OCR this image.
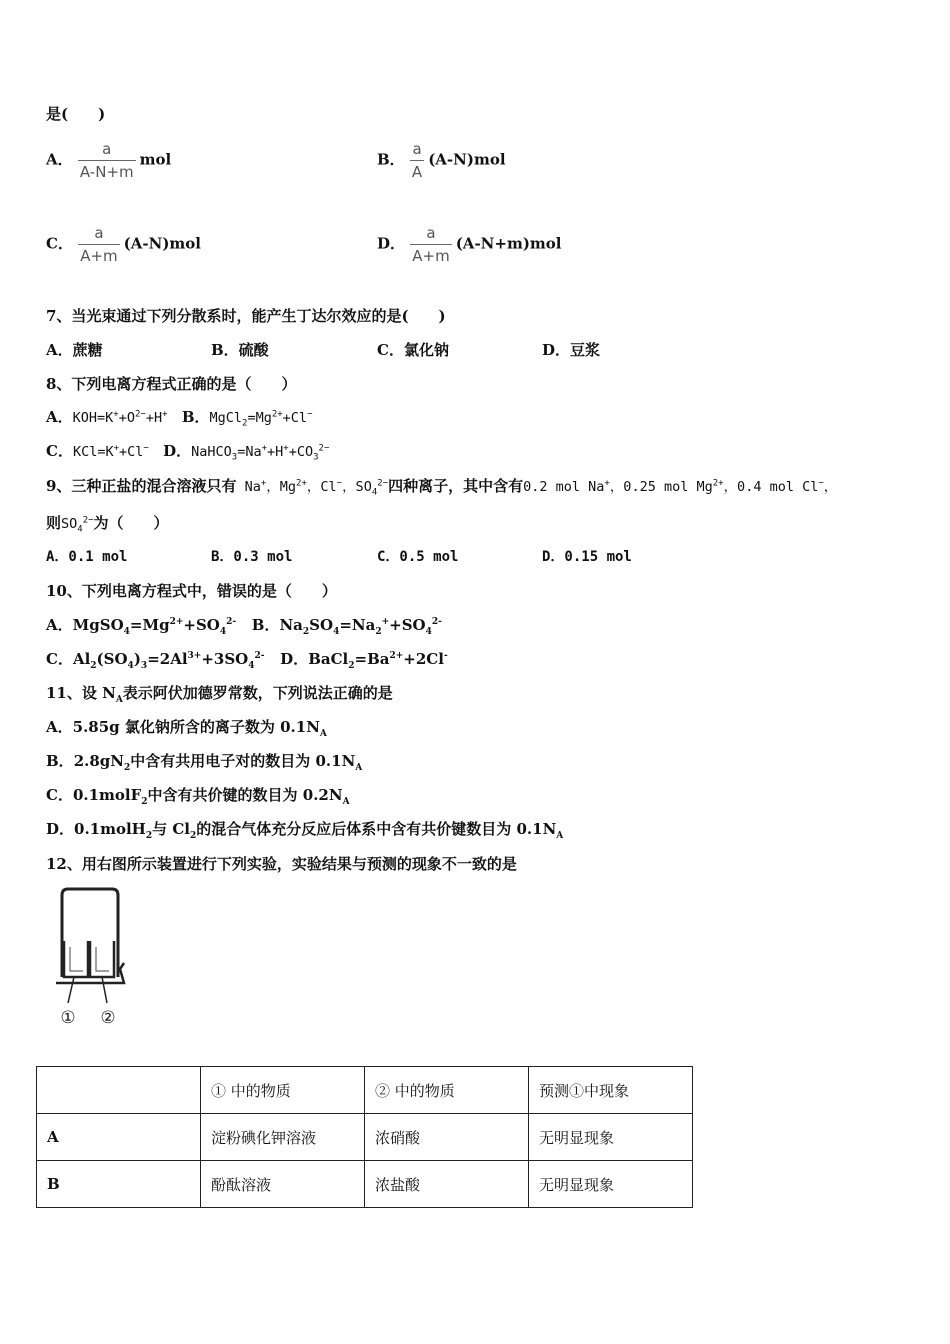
是(　　)
A． $\frac{a}{A-N+m}$ mol	B． $\frac{a}{A} (A-N)mol$
C． $\frac{a}{A+m} (A-N)mol$	D． $\frac{a}{A+m} (A-N+m)mol$
7、当光束通过下列分散系时，能产生丁达尔效应的是(　　)
A．蔗糖	B．硫酸	C．氯化钠	D．豆浆
8、下列电离方程式正确的是（　　）
A．$KOH=K^++O^{2-}+H^+$ B．$MgCl_2=Mg^{2+}+Cl^-$
C．KCl=K++Cl− D．$NaHCO_3=Na^++H^++CO_3^{2-}$
9、三种正盐的混合溶液只有 Na+，$Mg^{2+}$，Cl−，$SO_4^{2-}$四种离子，其中含有0.2 mol Na+，0.25 mol $Mg^{2+}$，0.4 mol Cl−，
则$SO_4^{2-}$为（　　）
A．0.1 mol	B．0.3 mol	C．0.5 mol	D．0.15 mol
10、下列电离方程式中，错误的是（　　）
A．$MgSO_4=Mg^{2+}+SO_4^{2-}$   B．$Na_2SO_4=Na_2^++SO_4^{2-}$
C．$Al_2(SO_4)_3=2Al^{3+}+3SO_4^{2-}$   D．$BaCl_2=Ba^{2+}+2Cl^-$
11、设 $N_A$表示阿伏加德罗常数，下列说法正确的是
A．5.85g 氯化钠所含的离子数为 $0.1N_A$
B．$2.8gN_2$中含有共用电子对的数目为 $0.1N_A$
C．0.1molF$_2$中含有共价键的数目为 $0.2N_A$
D．0.1molH$_2$与 $Cl_2$的混合气体充分反应后体系中含有共价键数目为 $0.1N_A$
12、用右图所示装置进行下列实验，实验结果与预测的现象不一致的是
① ②
	① 中的物质	② 中的物质	预测①中现象
A	淀粉碘化钾溶液	浓硝酸	无明显现象
B	酚酞溶液	浓盐酸	无明显现象
